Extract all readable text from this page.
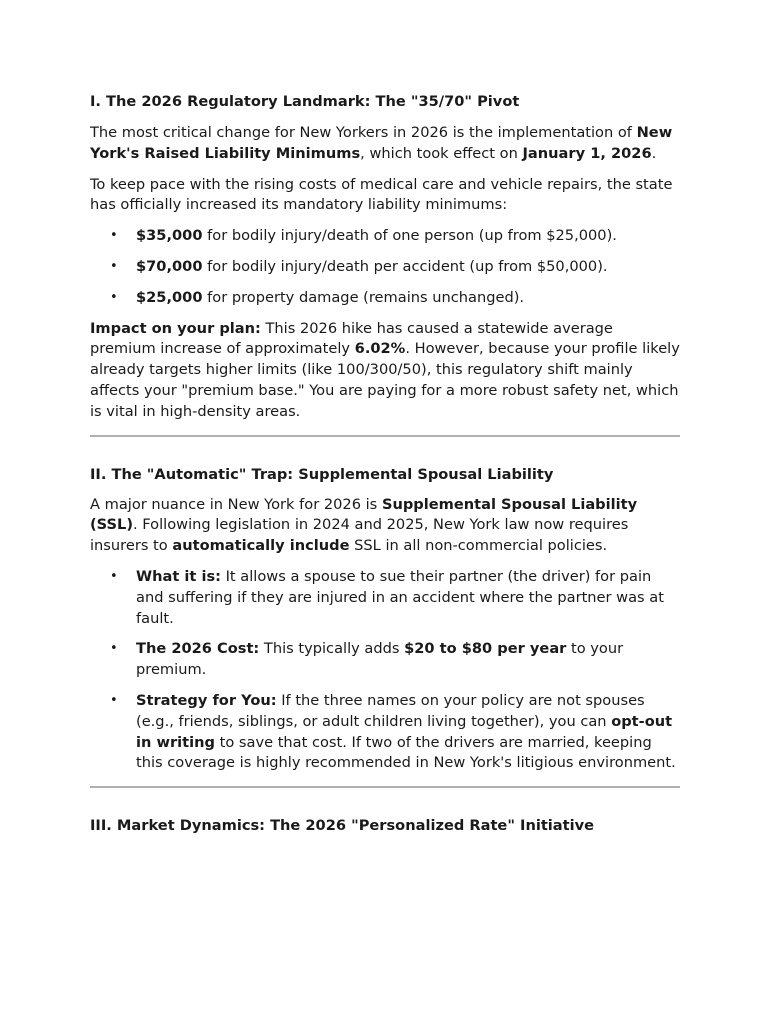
I. The 2026 Regulatory Landmark: The "35/70" Pivot

The most critical change for New Yorkers in 2026 is the implementation of New York's Raised Liability Minimums, which took effect on January 1, 2026.

To keep pace with the rising costs of medical care and vehicle repairs, the state has officially increased its mandatory liability minimums:

• $35,000 for bodily injury/death of one person (up from $25,000).
• $70,000 for bodily injury/death per accident (up from $50,000).
• $25,000 for property damage (remains unchanged).

Impact on your plan: This 2026 hike has caused a statewide average premium increase of approximately 6.02%. However, because your profile likely already targets higher limits (like 100/300/50), this regulatory shift mainly affects your "premium base." You are paying for a more robust safety net, which is vital in high-density areas.

II. The "Automatic" Trap: Supplemental Spousal Liability

A major nuance in New York for 2026 is Supplemental Spousal Liability (SSL). Following legislation in 2024 and 2025, New York law now requires insurers to automatically include SSL in all non-commercial policies.

• What it is: It allows a spouse to sue their partner (the driver) for pain and suffering if they are injured in an accident where the partner was at fault.
• The 2026 Cost: This typically adds $20 to $80 per year to your premium.
• Strategy for You: If the three names on your policy are not spouses (e.g., friends, siblings, or adult children living together), you can opt-out in writing to save that cost. If two of the drivers are married, keeping this coverage is highly recommended in New York's litigious environment.
III. Market Dynamics: The 2026 "Personalized Rate" Initiative
